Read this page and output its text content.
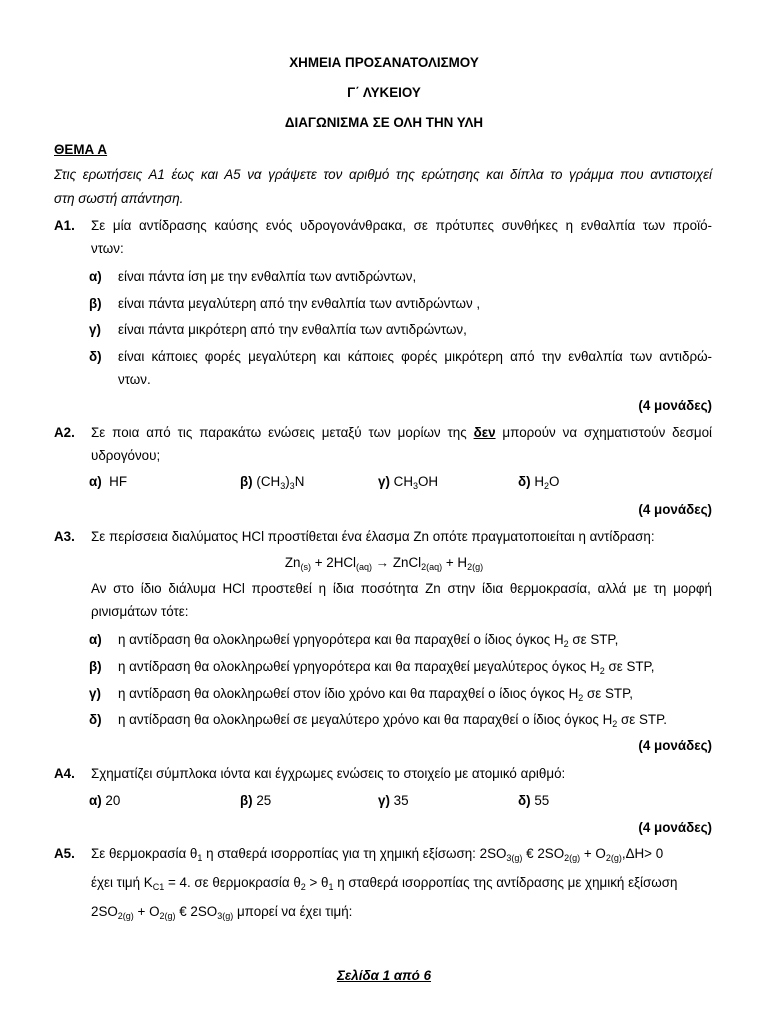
ΧΗΜΕΙΑ ΠΡΟΣΑΝΑΤΟΛΙΣΜΟΥ
Γ΄ ΛΥΚΕΙΟΥ
ΔΙΑΓΩΝΙΣΜΑ ΣΕ ΟΛΗ ΤΗΝ ΥΛΗ
ΘΕΜΑ Α
Στις ερωτήσεις Α1 έως και Α5 να γράψετε τον αριθμό της ερώτησης και δίπλα το γράμμα που αντιστοιχεί
στη σωστή απάντηση.
Α1. Σε μία αντίδρασης καύσης ενός υδρογονάνθρακα, σε πρότυπες συνθήκες η ενθαλπία των προϊό-
ντων:
α) είναι πάντα ίση με την ενθαλπία των αντιδρώντων,
β) είναι πάντα μεγαλύτερη από την ενθαλπία των αντιδρώντων ,
γ) είναι πάντα μικρότερη από την ενθαλπία των αντιδρώντων,
δ) είναι κάποιες φορές μεγαλύτερη και κάποιες φορές μικρότερη από την ενθαλπία των αντιδρώ-
ντων.
(4 μονάδες)
Α2. Σε ποια από τις παρακάτω ενώσεις μεταξύ των μορίων της δεν μπορούν να σχηματιστούν δεσμοί
υδρογόνου;
α) HF	β) $(CH_3)_3N$	γ) $CH_3OH$	δ) $H_2O$
(4 μονάδες)
Α3. Σε περίσσεια διαλύματος HCl προστίθεται ένα έλασμα Zn οπότε πραγματοποιείται η αντίδραση:
$Zn_{(s)} + 2HCl_{(aq)}$ → ZnCl$_{2(aq)}$ + $H_{2(g)}$
Αν στο ίδιο διάλυμα HCl προστεθεί η ίδια ποσότητα Zn στην ίδια θερμοκρασία, αλλά με τη μορφή
ρινισμάτων τότε:
α) η αντίδραση θα ολοκληρωθεί γρηγορότερα και θα παραχθεί ο ίδιος όγκος $H_2$ σε STP,
β) η αντίδραση θα ολοκληρωθεί γρηγορότερα και θα παραχθεί μεγαλύτερος όγκος $H_2$ σε STP,
γ) η αντίδραση θα ολοκληρωθεί στον ίδιο χρόνο και θα παραχθεί ο ίδιος όγκος $H_2$ σε STP,
δ) η αντίδραση θα ολοκληρωθεί σε μεγαλύτερο χρόνο και θα παραχθεί ο ίδιος όγκος $H_2$ σε STP.
(4 μονάδες)
Α4. Σχηματίζει σύμπλοκα ιόντα και έγχρωμες ενώσεις το στοιχείο με ατομικό αριθμό:
α) 20	β) 25	γ) 35	δ) 55
(4 μονάδες)
Α5. Σε θερμοκρασία $\theta_1$ η σταθερά ισορροπίας για τη χημική εξίσωση: $2SO_{3(g)}$ € $2SO_{2(g)} + O_{2(g)},\Delta H> 0$
έχει τιμή $K_{C1} = 4$. σε θερμοκρασία $\theta_2 > \theta_1$ η σταθερά ισορροπίας της αντίδρασης με χημική εξίσωση
$2SO_{2(g)} + O_{2(g)}$ € $2SO_{3(g)}$ μπορεί να έχει τιμή:
Σελίδα 1 από 6
